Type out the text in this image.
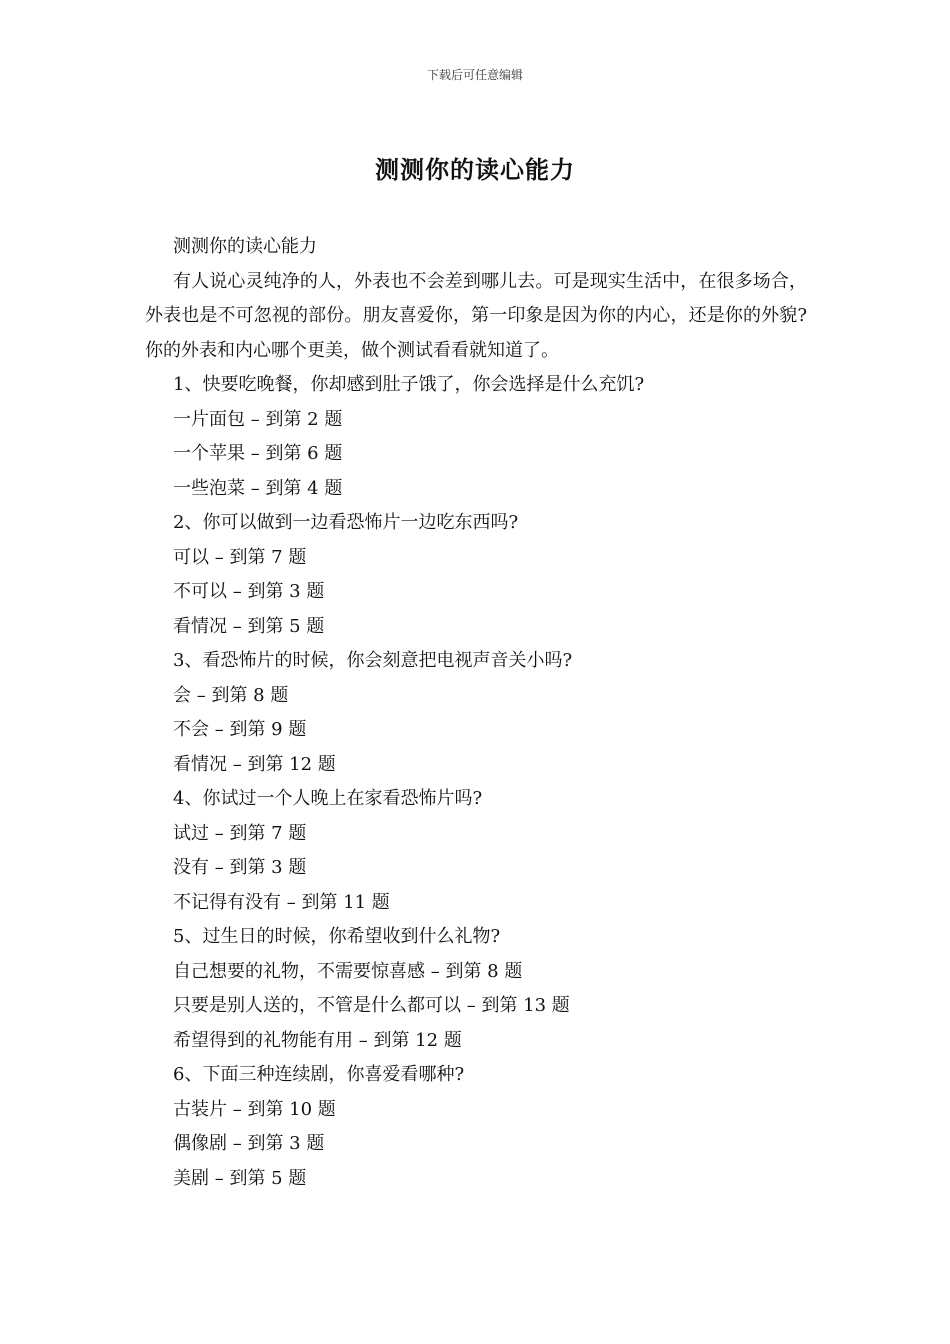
下载后可任意编辑
测测你的读心能力

测测你的读心能力

有人说心灵纯净的人，外表也不会差到哪儿去。可是现实生活中，在很多场合，外表也是不可忽视的部份。朋友喜爱你，第一印象是因为你的内心，还是你的外貌?你的外表和内心哪个更美，做个测试看看就知道了。

1、快要吃晚餐，你却感到肚子饿了，你会选择是什么充饥?

一片面包 – 到第 2 题

一个苹果 – 到第 6 题

一些泡菜 – 到第 4 题

2、你可以做到一边看恐怖片一边吃东西吗?

可以 – 到第 7 题

不可以 – 到第 3 题

看情况 – 到第 5 题

3、看恐怖片的时候，你会刻意把电视声音关小吗?

会 – 到第 8 题

不会 – 到第 9 题

看情况 – 到第 12 题

4、你试过一个人晚上在家看恐怖片吗?

试过 – 到第 7 题

没有 – 到第 3 题

不记得有没有 – 到第 11 题

5、过生日的时候，你希望收到什么礼物?

自己想要的礼物，不需要惊喜感 – 到第 8 题

只要是别人送的，不管是什么都可以 – 到第 13 题

希望得到的礼物能有用 – 到第 12 题

6、下面三种连续剧，你喜爱看哪种?

古装片 – 到第 10 题

偶像剧 – 到第 3 题

美剧 – 到第 5 题
